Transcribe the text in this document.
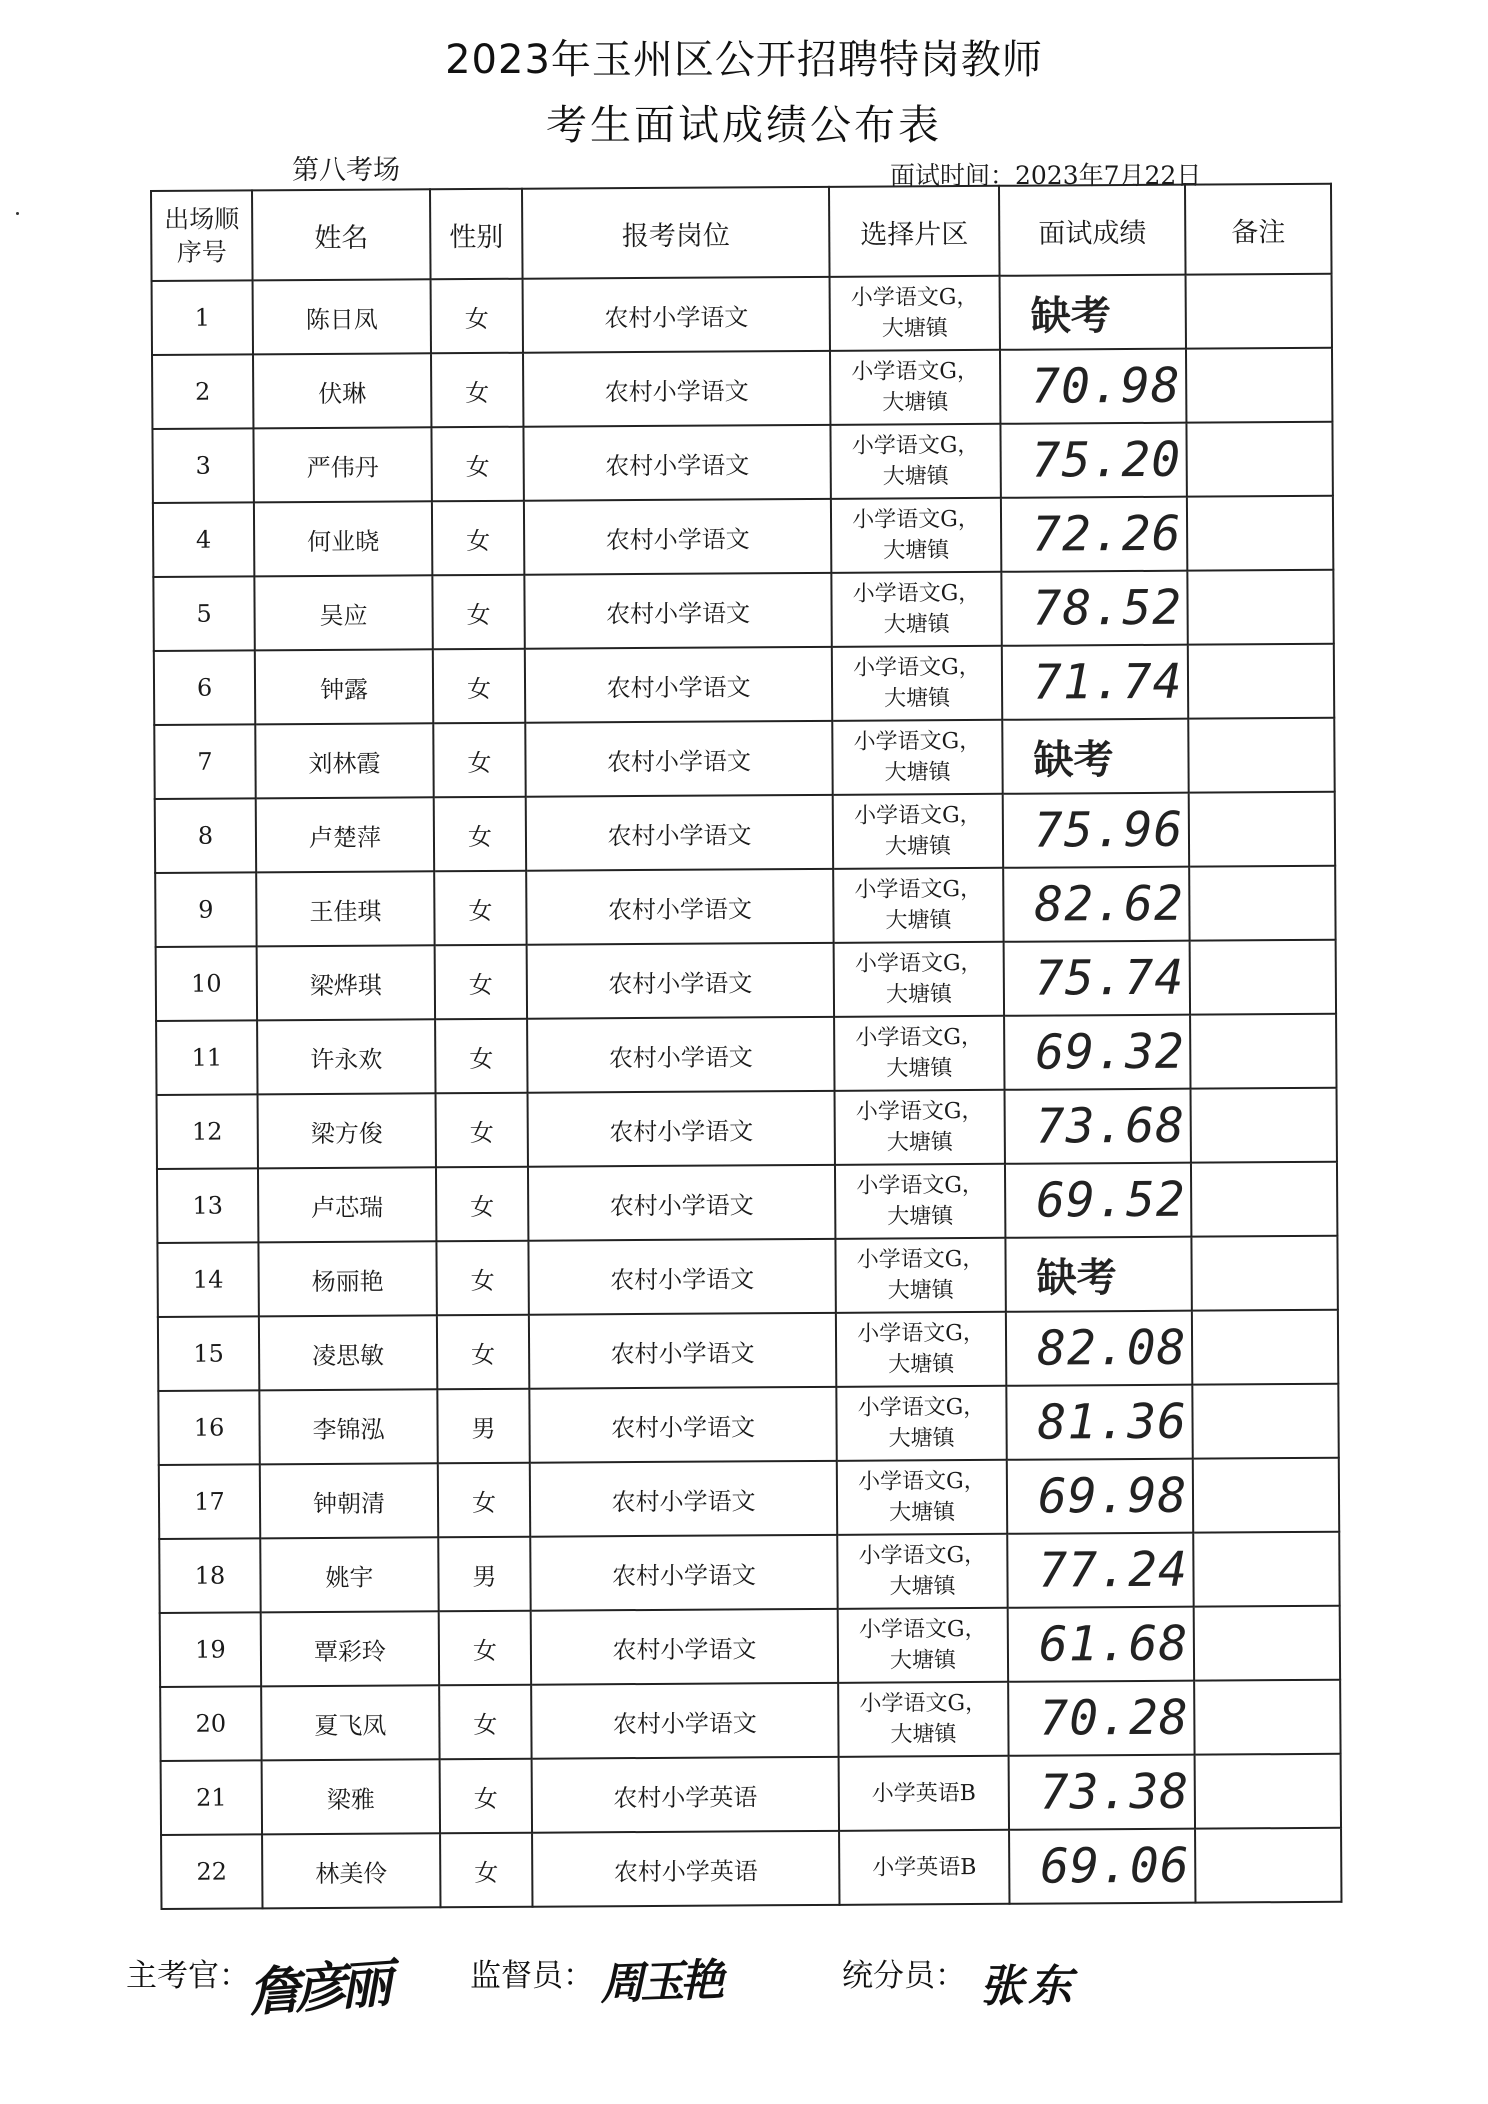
2023年玉州区公开招聘特岗教师
考生面试成绩公布表
第八考场	面试时间：2023年7月22日
出场顺
序号	姓名	性别	报考岗位	选择片区	面试成绩	备注
1	陈日凤	女	农村小学语文	小学语文G，
大塘镇	缺考	
2	伏琳	女	农村小学语文	小学语文G，
大塘镇	70.98	
3	严伟丹	女	农村小学语文	小学语文G，
大塘镇	75.20	
4	何业晓	女	农村小学语文	小学语文G，
大塘镇	72.26	
5	吴应	女	农村小学语文	小学语文G，
大塘镇	78.52	
6	钟露	女	农村小学语文	小学语文G，
大塘镇	71.74	
7	刘林霞	女	农村小学语文	小学语文G，
大塘镇	缺考	
8	卢楚萍	女	农村小学语文	小学语文G，
大塘镇	75.96	
9	王佳琪	女	农村小学语文	小学语文G，
大塘镇	82.62	
10	梁烨琪	女	农村小学语文	小学语文G，
大塘镇	75.74	
11	许永欢	女	农村小学语文	小学语文G，
大塘镇	69.32	
12	梁方俊	女	农村小学语文	小学语文G，
大塘镇	73.68	
13	卢芯瑞	女	农村小学语文	小学语文G，
大塘镇	69.52	
14	杨丽艳	女	农村小学语文	小学语文G，
大塘镇	缺考	
15	凌思敏	女	农村小学语文	小学语文G，
大塘镇	82.08	
16	李锦泓	男	农村小学语文	小学语文G，
大塘镇	81.36	
17	钟朝清	女	农村小学语文	小学语文G，
大塘镇	69.98	
18	姚宇	男	农村小学语文	小学语文G，
大塘镇	77.24	
19	覃彩玲	女	农村小学语文	小学语文G，
大塘镇	61.68	
20	夏飞凤	女	农村小学语文	小学语文G，
大塘镇	70.28	
21	梁雅	女	农村小学英语	小学英语B	73.38	
22	林美伶	女	农村小学英语	小学英语B	69.06	
主考官：
詹彦丽	监督员： 周玉艳	统分员： 张东
